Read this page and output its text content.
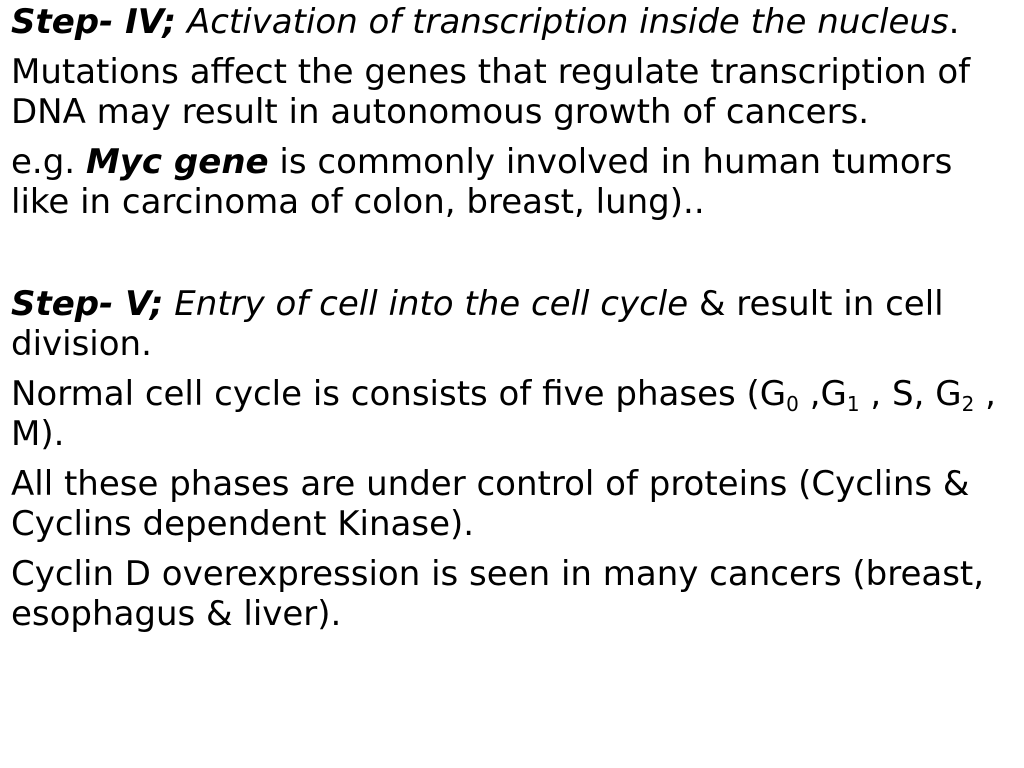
Step- IV; Activation of transcription inside the nucleus.

Mutations affect the genes that regulate transcription of DNA may result in autonomous growth of cancers.

e.g. Myc gene is commonly involved in human tumors like in carcinoma of colon, breast, lung)..

Step- V; Entry of cell into the cell cycle & result in cell division.

Normal cell cycle is consists of five phases ($G_0$ $,G_1$ , S, $G_2$ , M).

All these phases are under control of proteins (Cyclins & Cyclins dependent Kinase).

Cyclin D overexpression is seen in many cancers (breast, esophagus & liver).
